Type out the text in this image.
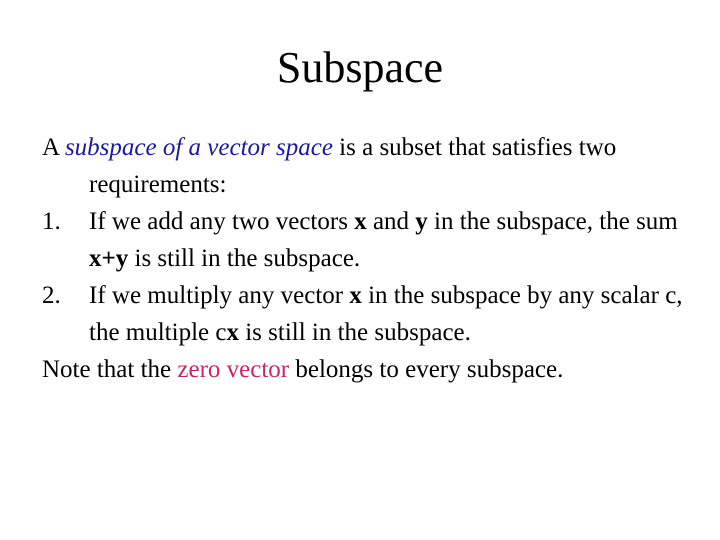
Subspace

A subspace of a vector space is a subset that satisfies two requirements:

1. If we add any two vectors x and y in the subspace, the sum x+y is still in the subspace.

2. If we multiply any vector x in the subspace by any scalar c, the multiple cx is still in the subspace.

Note that the zero vector belongs to every subspace.
